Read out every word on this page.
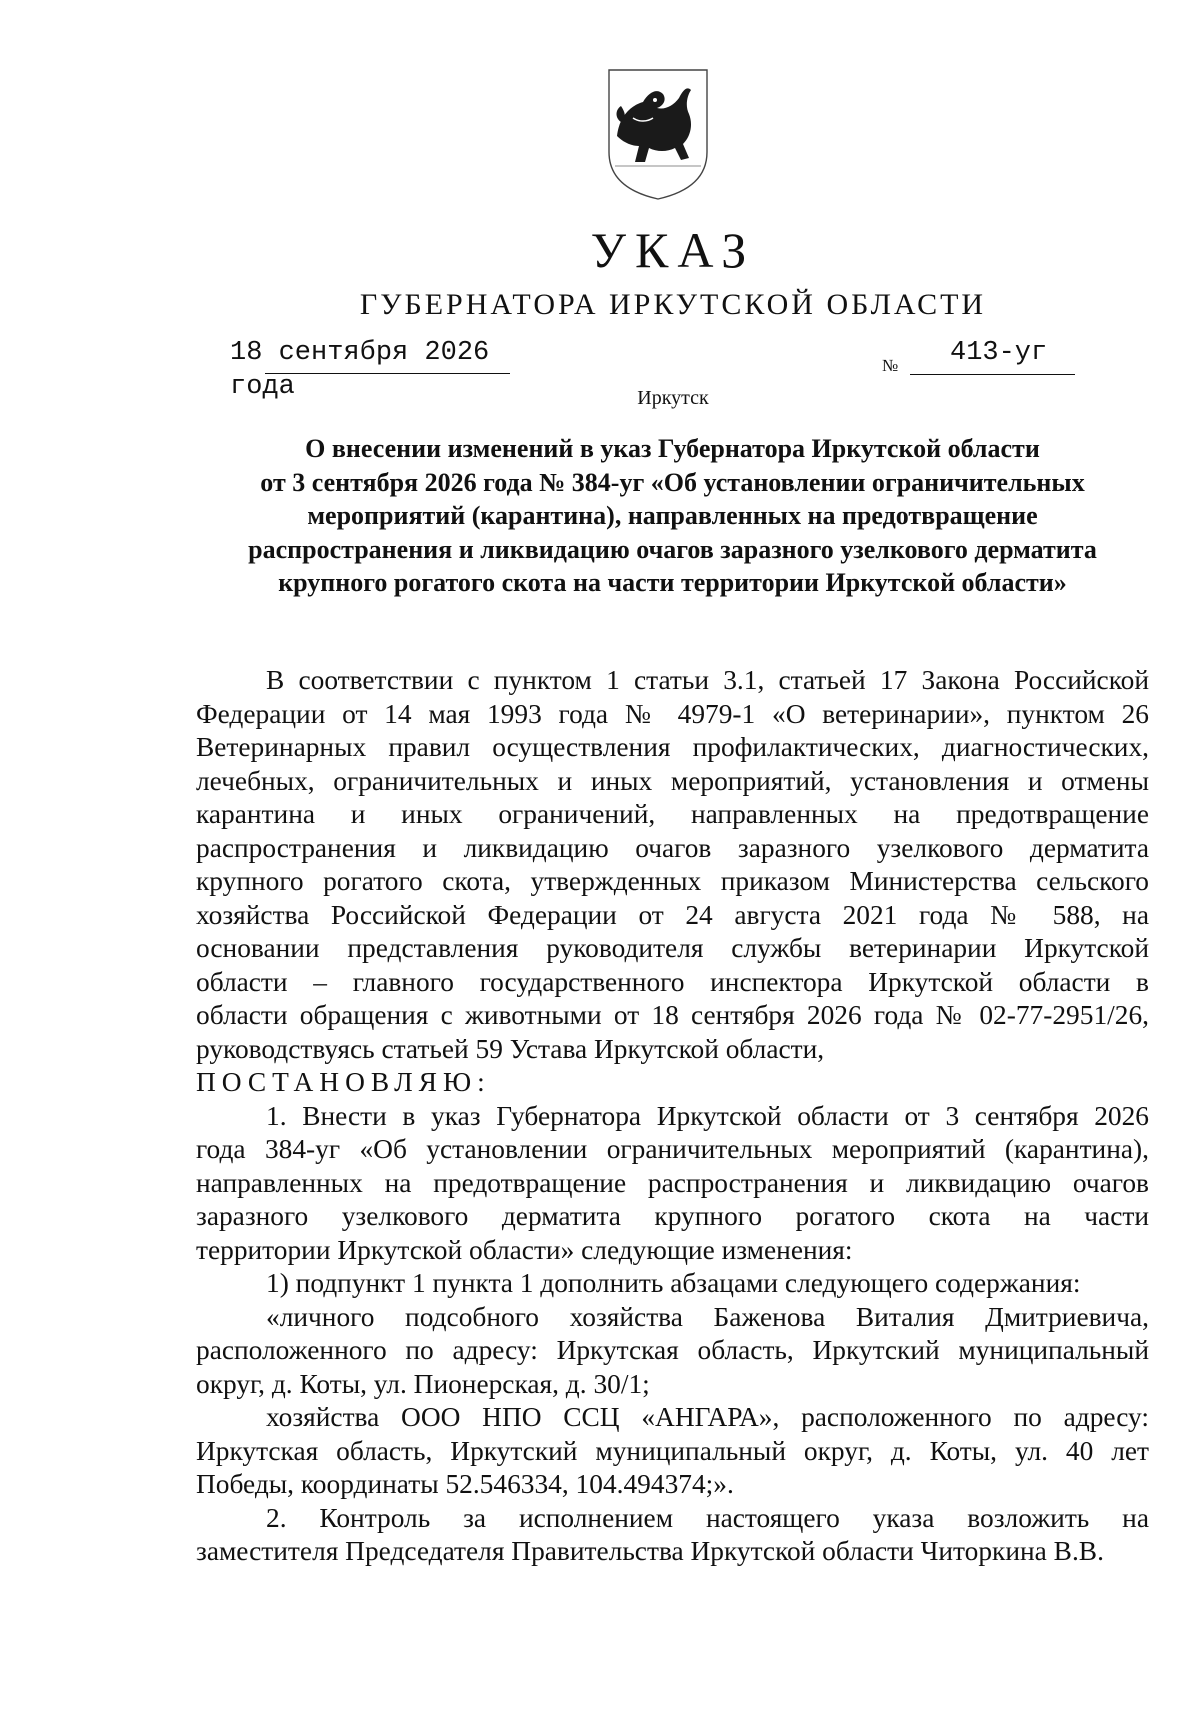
УКАЗ
ГУБЕРНАТОРА ИРКУТСКОЙ ОБЛАСТИ
18 сентября 2026 года
№ 413-уг
Иркутск

О внесении изменений в указ Губернатора Иркутской области

от 3 сентября 2026 года № 384-уг «Об установлении ограничительных

мероприятий (карантина), направленных на предотвращение

распространения и ликвидацию очагов заразного узелкового дерматита

крупного рогатого скота на части территории Иркутской области»

В соответствии с пунктом 1 статьи 3.1, статьей 17 Закона Российской

Федерации от 14 мая 1993 года № 4979-1 «О ветеринарии», пунктом 26

Ветеринарных правил осуществления профилактических, диагностических,

лечебных, ограничительных и иных мероприятий, установления и отмены

карантина и иных ограничений, направленных на предотвращение

распространения и ликвидацию очагов заразного узелкового дерматита

крупного рогатого скота, утвержденных приказом Министерства сельского

хозяйства Российской Федерации от 24 августа 2021 года № 588, на

основании представления руководителя службы ветеринарии Иркутской

области – главного государственного инспектора Иркутской области в

области обращения с животными от 18 сентября 2026 года № 02-77-2951/26,

руководствуясь статьей 59 Устава Иркутской области,

ПОСТАНОВЛЯЮ:

1. Внести в указ Губернатора Иркутской области от 3 сентября 2026

года 384-уг «Об установлении ограничительных мероприятий (карантина),

направленных на предотвращение распространения и ликвидацию очагов

заразного узелкового дерматита крупного рогатого скота на части

территории Иркутской области» следующие изменения:

1) подпункт 1 пункта 1 дополнить абзацами следующего содержания:

«личного подсобного хозяйства Баженова Виталия Дмитриевича,

расположенного по адресу: Иркутская область, Иркутский муниципальный

округ, д. Коты, ул. Пионерская, д. 30/1;

хозяйства ООО НПО ССЦ «АНГАРА», расположенного по адресу:

Иркутская область, Иркутский муниципальный округ, д. Коты, ул. 40 лет

Победы, координаты 52.546334, 104.494374;».

2. Контроль за исполнением настоящего указа возложить на

заместителя Председателя Правительства Иркутской области Читоркина В.В.
